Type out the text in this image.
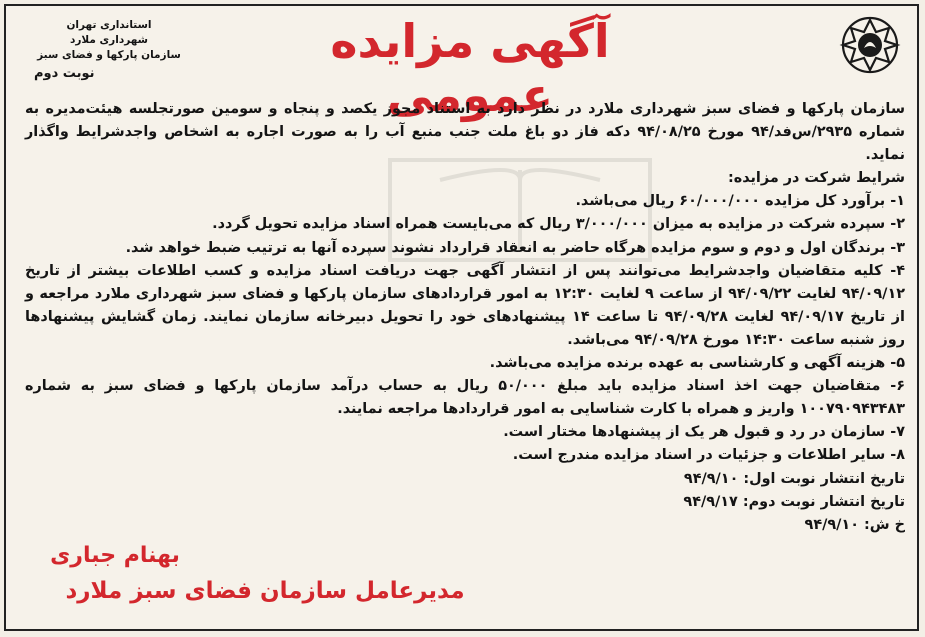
استانداری تهران
شهرداری ملارد
سازمان پارکها و فضای سبز
نوبت دوم
آگهی مزایده عمومی

سازمان پارکها و فضای سبز شهرداری ملارد در نظر دارد به استناد مجوز یکصد و پنجاه و سومین صورتجلسه هیئت‌مدیره به شماره ۲۹۳۵/س‌فد/۹۴ مورخ ۹۴/۰۸/۲۵ دکه فاز دو باغ ملت جنب منبع آب را به صورت اجاره به اشخاص واجدشرایط واگذار نماید.

شرایط شرکت در مزایده:

۱- برآورد کل مزایده ۶۰/۰۰۰/۰۰۰ ریال می‌باشد.

۲- سپرده شرکت در مزایده به میزان ۳/۰۰۰/۰۰۰ ریال که می‌بایست همراه اسناد مزایده تحویل گردد.

۳- برندگان اول و دوم و سوم مزایده هرگاه حاضر به انعقاد قرارداد نشوند سپرده آنها به ترتیب ضبط خواهد شد.

۴- کلیه متقاضیان واجدشرایط می‌توانند پس از انتشار آگهی جهت دریافت اسناد مزایده و کسب اطلاعات بیشتر از تاریخ ۹۴/۰۹/۱۲ لغایت ۹۴/۰۹/۲۲ از ساعت ۹ لغایت ۱۲:۳۰ به امور قراردادهای سازمان پارکها و فضای سبز شهرداری ملارد مراجعه و از تاریخ ۹۴/۰۹/۱۷ لغایت ۹۴/۰۹/۲۸ تا ساعت ۱۴ پیشنهادهای خود را تحویل دبیرخانه سازمان نمایند. زمان گشایش پیشنهادها روز شنبه ساعت ۱۴:۳۰ مورخ ۹۴/۰۹/۲۸ می‌باشد.

۵- هزینه آگهی و کارشناسی به عهده برنده مزایده می‌باشد.

۶- متقاضیان جهت اخذ اسناد مزایده باید مبلغ ۵۰/۰۰۰ ریال به حساب درآمد سازمان پارکها و فضای سبز به شماره ۱۰۰۷۹۰۹۴۳۴۸۳ واریز و همراه با کارت شناسایی به امور قراردادها مراجعه نمایند.

۷- سازمان در رد و قبول هر یک از پیشنهادها مختار است.

۸- سایر اطلاعات و جزئیات در اسناد مزایده مندرج است.

تاریخ انتشار نوبت اول: ۹۴/۹/۱۰

تاریخ انتشار نوبت دوم: ۹۴/۹/۱۷

خ ش: ۹۴/۹/۱۰

بهنام جباری
مدیرعامل سازمان فضای سبز ملارد
